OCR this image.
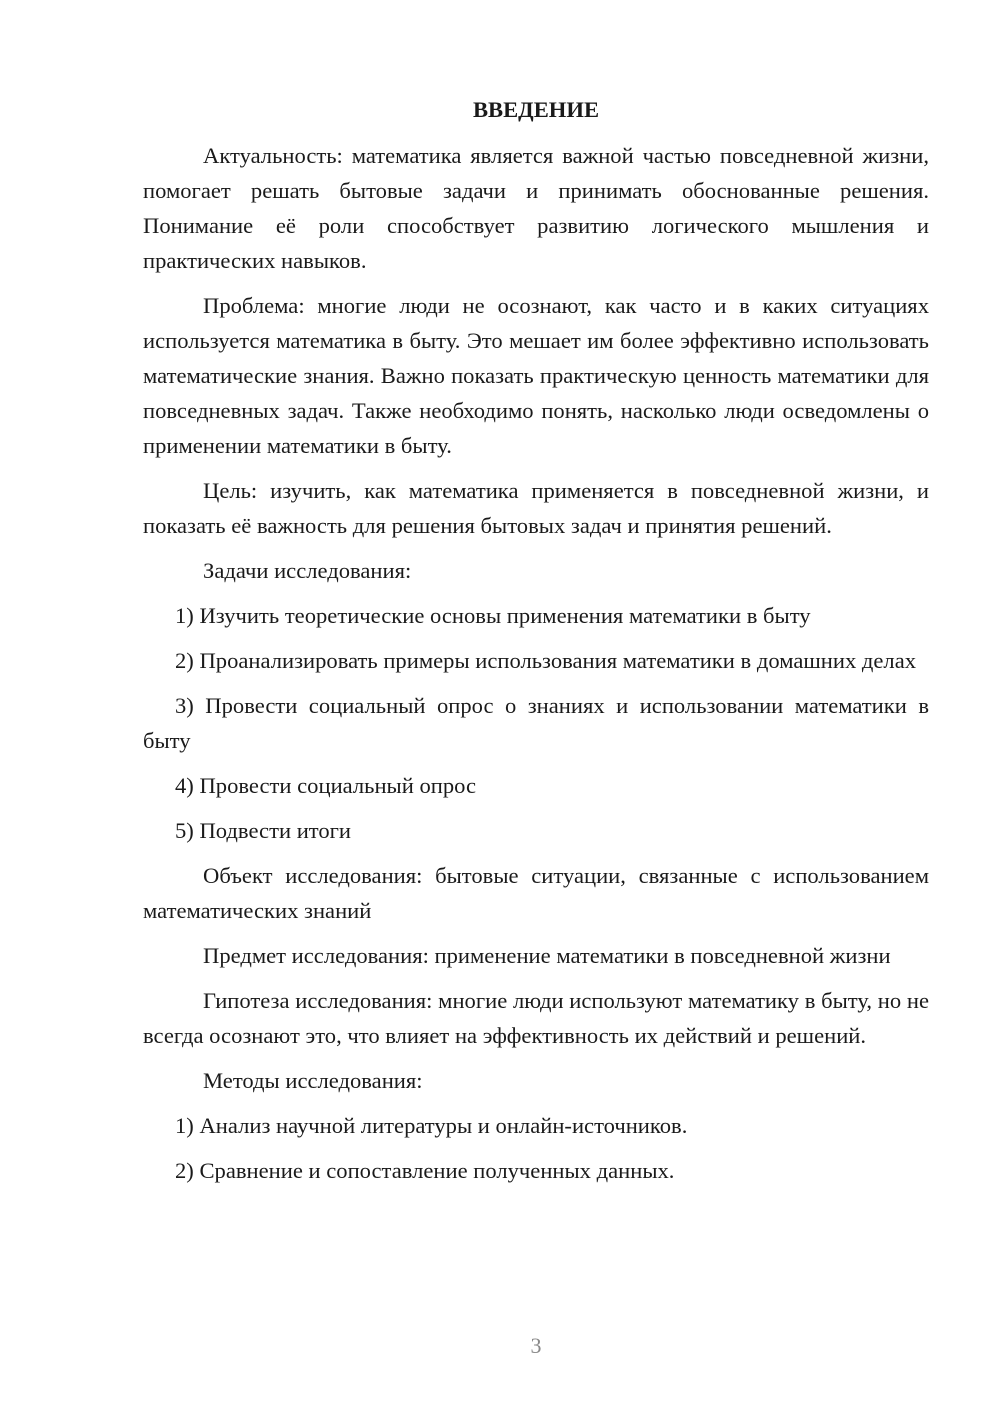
ВВЕДЕНИЕ

Актуальность: математика является важной частью повседневной жизни, помогает решать бытовые задачи и принимать обоснованные решения. Понимание её роли способствует развитию логического мышления и практических навыков.

Проблема: многие люди не осознают, как часто и в каких ситуациях используется математика в быту. Это мешает им более эффективно использовать математические знания. Важно показать практическую ценность математики для повседневных задач. Также необходимо понять, насколько люди осведомлены о применении математики в быту.

Цель: изучить, как математика применяется в повседневной жизни, и показать её важность для решения бытовых задач и принятия решений.

Задачи исследования:

1) Изучить теоретические основы применения математики в быту

2) Проанализировать примеры использования математики в домашних делах

3) Провести социальный опрос о знаниях и использовании математики в быту

4) Провести социальный опрос

5) Подвести итоги

Объект исследования: бытовые ситуации, связанные с использованием математических знаний

Предмет исследования: применение математики в повседневной жизни

Гипотеза исследования: многие люди используют математику в быту, но не всегда осознают это, что влияет на эффективность их действий и решений.

Методы исследования:

1) Анализ научной литературы и онлайн-источников.

2) Сравнение и сопоставление полученных данных.

3
